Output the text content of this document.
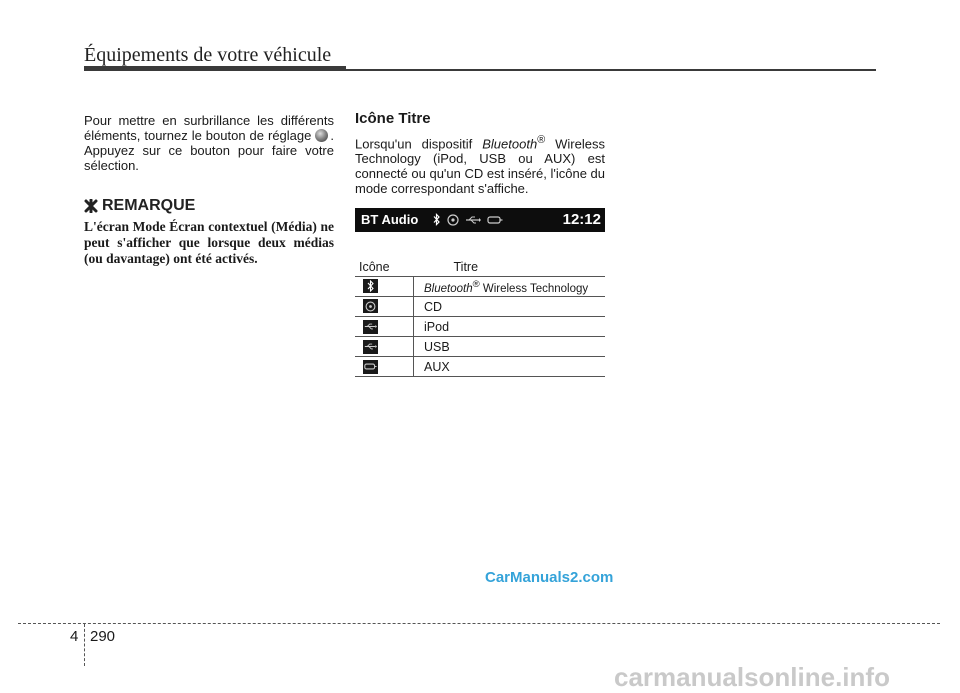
Équipements de votre véhicule

Pour mettre en surbrillance les différents éléments, tournez le bouton de réglage . Appuyez sur ce bouton pour faire votre sélection.

REMARQUE
L'écran Mode Écran contextuel (Média) ne peut s'afficher que lorsque deux médias (ou davantage) ont été activés.
Icône Titre

Lorsqu'un dispositif Bluetooth® Wireless Technology (iPod, USB ou AUX) est connecté ou qu'un CD est inséré, l'icône du mode correspondant s'affiche.

BT Audio	12:12
Icône	Titre

	Bluetooth® Wireless Technology

	CD

	iPod

	USB

	AUX
CarManuals2.com
4 290
carmanualsonline.info
